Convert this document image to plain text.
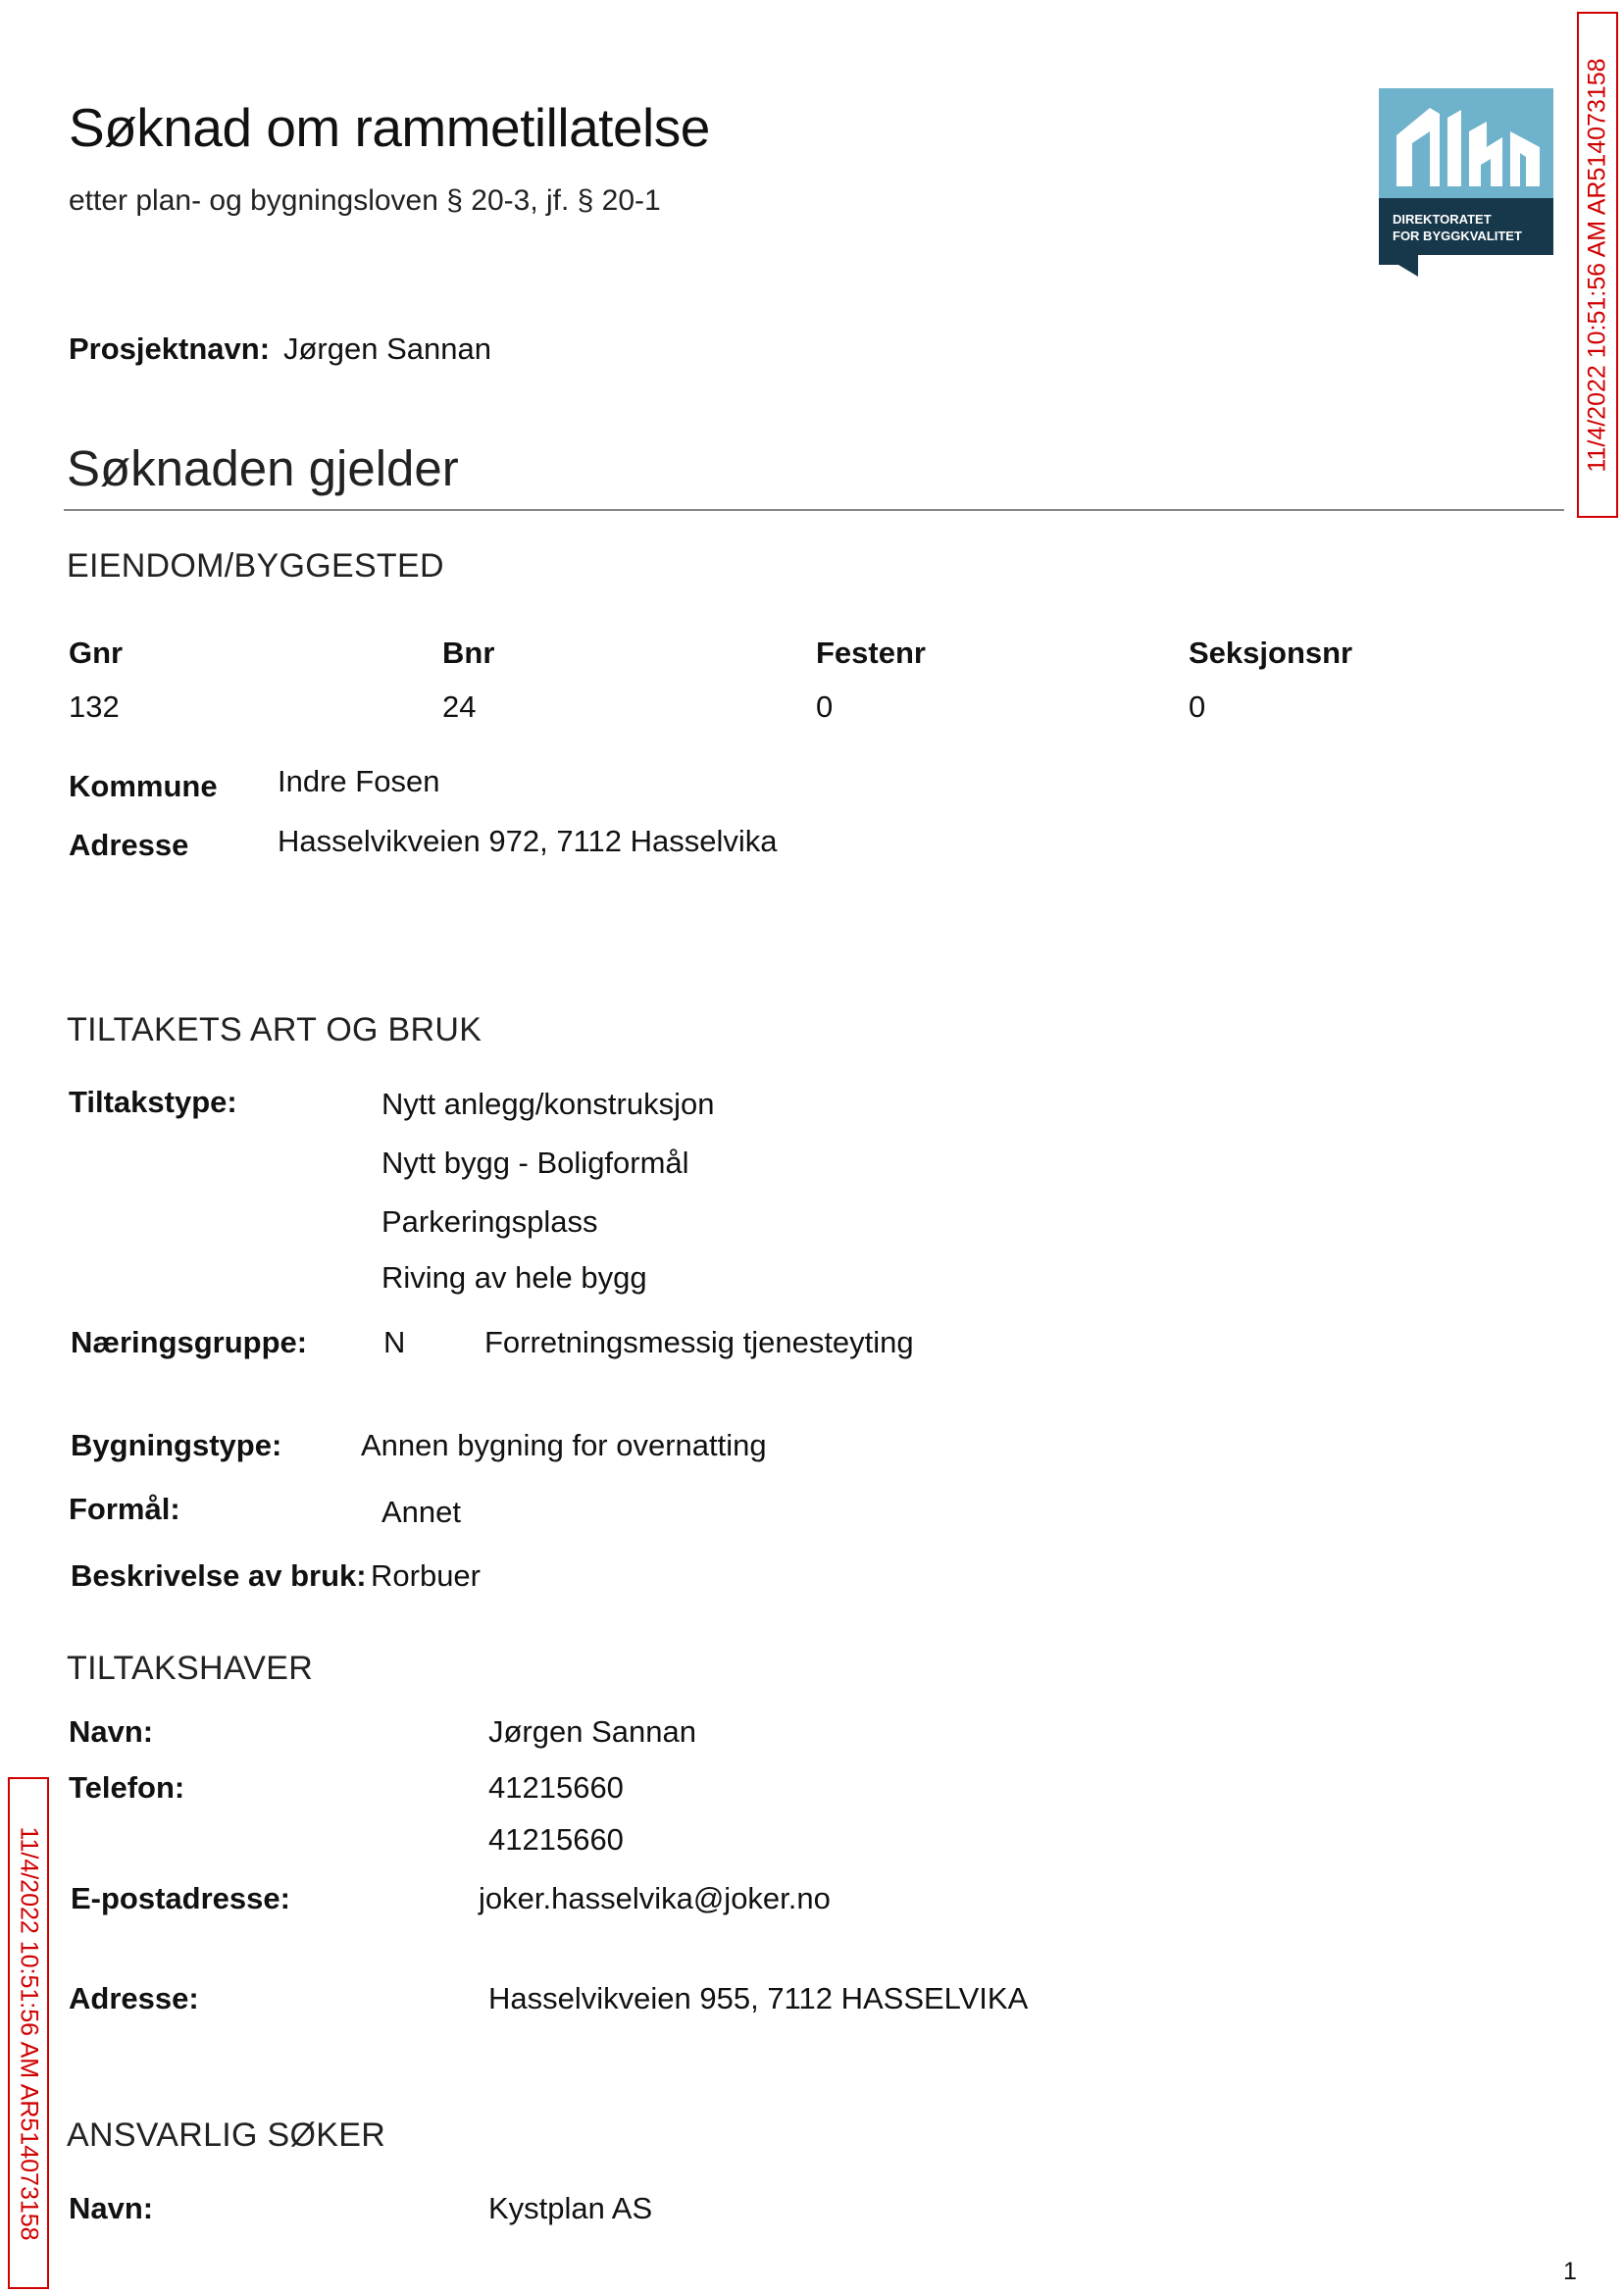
Søknad om rammetillatelse
etter plan- og bygningsloven § 20-3, jf. § 20-1
DIREKTORATET
FOR BYGGKVALITET	11/4/2022 10:51:56 AM AR514073158
Prosjektnavn: Jørgen Sannan
Søknaden gjelder
EIENDOM/BYGGESTED
Gnr	Bnr	Festenr	Seksjonsnr
132	24	0	0
Kommune Indre Fosen
Adresse	Hasselvikveien 972, 7112 Hasselvika
TILTAKETS ART OG BRUK
Tiltakstype:	Nytt anlegg/konstruksjon
Nytt bygg - Boligformål
Parkeringsplass
Riving av hele bygg
Næringsgruppe:	N	Forretningsmessig tjenesteyting
Bygningstype:	Annen bygning for overnatting
Formål:	Annet
Beskrivelse av bruk: Rorbuer
TILTAKSHAVER
Navn:	Jørgen Sannan
Telefon:	41215660
41215660
E-postadresse:	joker.hasselvika@joker.no
Adresse:	Hasselvikveien 955, 7112 HASSELVIKA
ANSVARLIG SØKER
Navn:	Kystplan AS
11/4/2022 10:51:56 AM AR514073158
1
